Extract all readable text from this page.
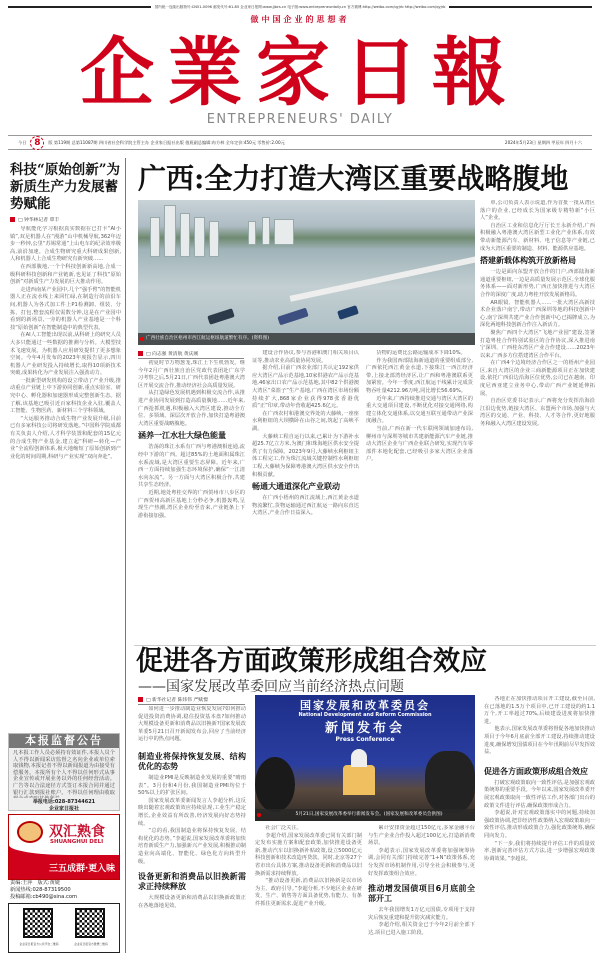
国内统一连续出版物号:CN51-0096 邮发代号:61-85 企业家日报网:www.jjbcs.cn 电子版:www.entrepreneurdaily.cn 官方微博:http://weibo.com/qyjrb http://weibo.com/qyjrb
做中国企业的思想者
企業家日報
ENTREPRENEURS' DAILY
今日 8	版 第119期 总第11087期 四川省社会科学院主管主办 企业家日报社出版 值班副总编辑:冉方林 全年定价:450元 零售价:2.00元	2024年5月23日 星期四 甲辰年 四月十六
科技“原始创新”为新质生产力发展蓄势赋能
□ 钟华林记者 覃丰

导航能化学习根据真实数据在已打卡“AI小镇”,双足机器人在“漫游”山中机械导航,362年迈步一秒钟,公里“苏锡常通”上山电车的纪录效率极高,前沿加速。合成生物研究重大科研成果创新,人和机器人上合成生物研究有新突破……

在西部腹地,一个个科技创新新高地,合成一级科研科技创新和产业链新,也见证了科技“原始创新”对新质生产力发展的巨大推动作用。

走进西南某产业园中,几个“强手臂”的智能机器人正在流水线上来回忙碌,在制造行的前沿车间,机器人为各式加工件上P1检测卸、组装、分拣、打包,整套流程仅需数分钟,这是在产业园中看到的新场景,一旁的机器人产业基地是一个科技“原始创新”在智能制造中的典型代表。

在AI人工智能出现以前,从科研上的研究人员大多只能通过一些数据的推测与分析。大模型技术飞速发展。为机器人应用研发提供了更多想象空间。今年4月发布的2023年度报告显示,四川机器人产业研发投入持续增长,取得10项新技术突破,成果转化为产业发展注入强劲动力。

一批新型研发机构的设立带动了产业升级,推动重点产业链上中下游协同创新,重点实验室、研究中心、孵化器和加速器形成完整创新生态。据了解,该基地已吸引近百家科技企业入驻,覆盖人工智能、生物医药、新材料三个学科领域。

“大运服务推动合成生物产业发展升级,目前已有多家科技公司将研发落地。”中国科学院成都有关负责人介绍,人才科学装置和配套的15亿元的合成生物产业基金,建立起“科研—转化—产业”全流程创新体系,极大地缩短了原始创新到产业化的时间周期,科研与产业实现“双向奔赴”。

本报监督公告
凡本报工作人员必须持有效证件,本报人员个人不得以新闻采访监督之名向企业或单位索取钱物,本报记者不得以新闻报道为由接受有偿服务。本报所有个人不得以任何形式从事企业宣传或开展业务以外的任何经营活动。广告等以合法途径方式签订本报合同并通过银行汇款到报社账户。不得以任何理由收取
举报电话:028-87344621
企业家日报社
双汇熟食
SHUANGHUI DELI
三五成群·更入味
责编:王萍 版式:黄婕
新闻热线:028-87319500
投稿邮箱:cb490@sina.com
企业家日报官方公众平台二维码	企业家日报官方微博二维码
广西:全力打造大湾区重要战略腹地
广西壮族自治区梧州市西江航运枢纽航道繁忙有序。(资料图)

单,公司负责人表示说道,作为首批一批从湾区落户的企业,已经成长为国家级专精特新“小巨人”企业。

自治区工业和信息化厅厅长王永新介绍,广西积极融入粤港澳大湾区新型工业化产业体系,有效带动新能源汽车、新材料、电子信息等产业链,已成为大湾区重要的制造、材料、能源供应基地。

搭建新载体构筑开放新格局

一边是面向东盟开放合作的门户,西部陆海新通道重要枢纽,一边是高质量发展示范区,全球化服务体系——面对新形势,广西正加快推进与大湾区合作的深度广度,助力粤桂开放发展新格局。

AR眼镜、智能机器人……一批大湾区高新技术企业落户南宁,带动广西深圳等地的科技创新中心,南宁深圳共建产业合作创新中心已揭牌成立,为深化两地科技创新合作注入新活力。

聚焦广西四个大湾区“飞地产业园”建设,签署打造粤桂合作特别试验区的合作协议,深入推进南宁深圳、广西桂东湾区产业合作建设……2023年以来,广西多方位搭建湾区合作平台。

在广西4个边境经济合作区之一的梧州产业园区,来自大湾区的企业三商新能源项目正在加快建设,依托广西沿边沿海区位优势,公司已在越南、印度尼西亚建立业务中心,带动广西产业链延伸拓展。

自治区党委书记表示,广西将充分发挥沿海沿江沿边优势,链接大湾区、东盟两个市场,加强与大湾区的交通、产业、科技、人才等合作,更好地服务和融入大湾区建设发展。

□ 向志强 黄清航 黄庆刚

初夏时节万物葱茏,珠江上下生机勃发。继今年2月广西壮族自治区党政代表团赴广东学习考察之后,5月21日,广西代表团赴粤港澳大湾区开展交流合作,推动经济社会高质量发展。

从打造绿色发展机遇到积极交流合作,从推进产业协同发展到打造高质量腹地……近年来,广西抢抓机遇,积极融入大湾区建设,推动全方位、多领域、深层次开放合作,加快打造粤港澳大湾区重要战略腹地。

涵养一江水壮大绿色能量

浩荡的珠江水系有广西与粤港澳相连通,流经中下游的广西。超过85%的土地面积属珠江水系流域,是大湾区重要生态屏障。近年来,广西一方面持续加强生态环境保护,确保“一江清水向东流”。另一方面与大湾区积极合作,共建共享生态经济。

近期,地处粤桂交界的广西贺州市八步区的广西贺州高新区基地上分秒必争,机器轰鸣,呈现生产热潮,湾区企业纷至沓来,产业链条上下游衔接加强。

建设合作协议,参与香港和澳门相关项目认证等,推动农业高质量协同发展。

据介绍,目前广西农业部门共认定192家供应大湾区产品示范基地,10家供港农产品示范基地,46家出口农产品示范基地,其中82个供港澳大湾区“菜篮子”生产基地,广西在湾区市场份额持续扩大,868家企业获得978张香港优质“正”印章,带动年营收超425.6亿元。

在广西农村和港澳交界处的大藤峡,一座座水利枢纽的大坝横卧在山谷之间,筑起了高峡平湖。

大藤峡工程自运行以来,已累计为下游补水超25.7亿立方米,为澳门和珠海地区供水安全提供了有力保障。2023年9月,大藤峡水利枢纽主体工程完工,作为珠江流域关键控制性水利枢纽工程,大藤峡为保障粤港澳大湾区供水安全作出积极贡献。

畅通大通道深化产业联动

在广西小梧州的西江流域上,西江黄金水道物流繁忙,货物运输通过西江航运一路向东直达大湾区,产业合作日益深入。

货物的运费比公路运输成本下降10%。

作为我国西部陆海新通道的重要组成部分,广西依托西江黄金水道,下接珠江一西江经济带,上接北部湾经济区,让广西和粤港澳联系更加紧密。今年一季度,西江航运干线累计完成货物吞吐量4212.96万吨,同比增长56.69%。

近年来,广西持续推进交通与湾区大湾区的重大交通项目建设,不断优化对接交通网络,构建立体化交通体系,以交通互联互通带动产业深度融合。

当前,广西在新一代车联网领域加速布局,柳州市与深圳等城市共建新能源汽车产业链,推动大湾区企业与广西企业联合研发,实现汽车零部件本地化配套,已经吸引多家大湾区企业落户。

促进各方面政策形成组合效应
——国家发展改革委回应当前经济热点问题
□ 新华社记者 陈炜伟 严赋憬

如何进一步推动制造业恢复发展?如何推动促进投资消费协调,稳住投资基本盘?如何推动大规模设备更新和消费品以旧换新?国家发展改革委5月21日召开新闻发布会,回应了当前经济运行中的热点问题。

制造业将保持恢复发展、结构优化的态势

制造业PMI是反映制造业发展的重要“晴雨表”。3月份和4月份,我国制造业PMI均位于50%以上的扩张区间。

国家发展改革委新闻发言人李超分析,这反映出随着宏观政策效应持续显现,工业生产稳定增长,企业效益有所改善,经济发展向好态势持续。

“总的看,我国制造业将保持恢复发展、结构优化的态势。”李超说,国家发展改革委将加快培育新质生产力,加强新兴产业发展,积极推动制造业向高端化、智能化、绿色化方向转型升级。

设备更新和消费品以旧换新需求正持续释放

大规模设备更新和消费品以旧换新政策正在各地落地见效。

国家发展和改革委员会
National Development and Reform Commission
新闻发布会
Press Conference
5月21日,国家发展改革委举行新闻发布会。(国家发展和改革委员会供图)

社会广泛关注。

李超介绍,国家发展改革委已同有关部门制定发布实施方案和配套政策,加快推进设备更新,推动汽车以旧换新补贴政策,设立5000亿元科技创新和技术改造再贷款。同时,北京等27个省市出台具体方案,推动设备更新和消费品以旧换新需求持续释放。

“推动设备更新,消费品以旧换新是以市场为主、政府引导。”李超分析,不少地区企业在研发、生产、销售等方面具备优势,有能力、有条件抓住更新需求,促进产业升级。

累计安排资金超过150亿元,多家金融平台与生产企业合作投入超过100亿元,打造新消费场景。

李超表示,国家发展改革委将加强统筹协调,会同有关部门持续完善“1+N”政策体系,充分发挥市场机制作用,引导全社会积极参与,更好发挥政策组合效应。

推动增发国债项目6月底前全部开工

去年我国增发1万亿元国债,专项用于支持灾后恢复重建和提升防灾减灾能力。

李超介绍,相关资金已于今年2月前全部下达,项目已进入施工阶段。

各地正在加快推动项目开工建设,截至目前,在已落地的1.5万个项目中,已开工建设的约1.1万个,开工率超过70%,后续建设进度将加快推进。

他表示,国家发展改革委将督促各地加快推动项目于今年6月底前全部开工建设,持续推动建设进度,确保增发国债项目在今年汛期前尽早发挥效益。

促进各方面政策形成组合效应

打破宏观政策取向一致性评估,是加强宏观政策统筹的重要手段。今年以来,国家发展改革委开展宏观政策取向一致性评估工作,对各部门出台的政策文件进行评估,确保政策形成合力。

李超说,针对宏观政策落实中的问题,持续加强政策协调,把非经济性政策纳入宏观政策取向一致性评估,推动形成政策合力,强化政策统筹,确保同向发力。

“下一步,我们将持续提升评估工作的质量效率,创新完善评估方式方法,进一步增强宏观政策协调效果。”李超说。
